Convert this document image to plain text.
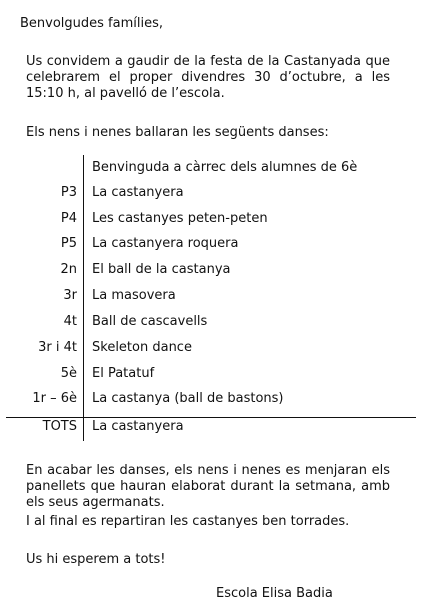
Benvolgudes famílies,

Us convidem a gaudir de la festa de la Castanyada que celebrarem el proper divendres 30 d’octubre, a les 15:10 h, al pavelló de l’escola.

Els nens i nenes ballaran les següents danses:

Benvinguda a càrrec dels alumnes de 6è
P3 La castanyera
P4 Les castanyes peten-peten
P5 La castanyera roquera
2n El ball de la castanya
3r La masovera
4t Ball de cascavells
3r i 4t Skeleton dance
5è El Patatuf
1r – 6è La castanya (ball de bastons)
TOTS La castanyera

En acabar les danses, els nens i nenes es menjaran els panellets que hauran elaborat durant la setmana, amb els seus agermanats.

I al final es repartiran les castanyes ben torrades.

Us hi esperem a tots!

Escola Elisa Badia
